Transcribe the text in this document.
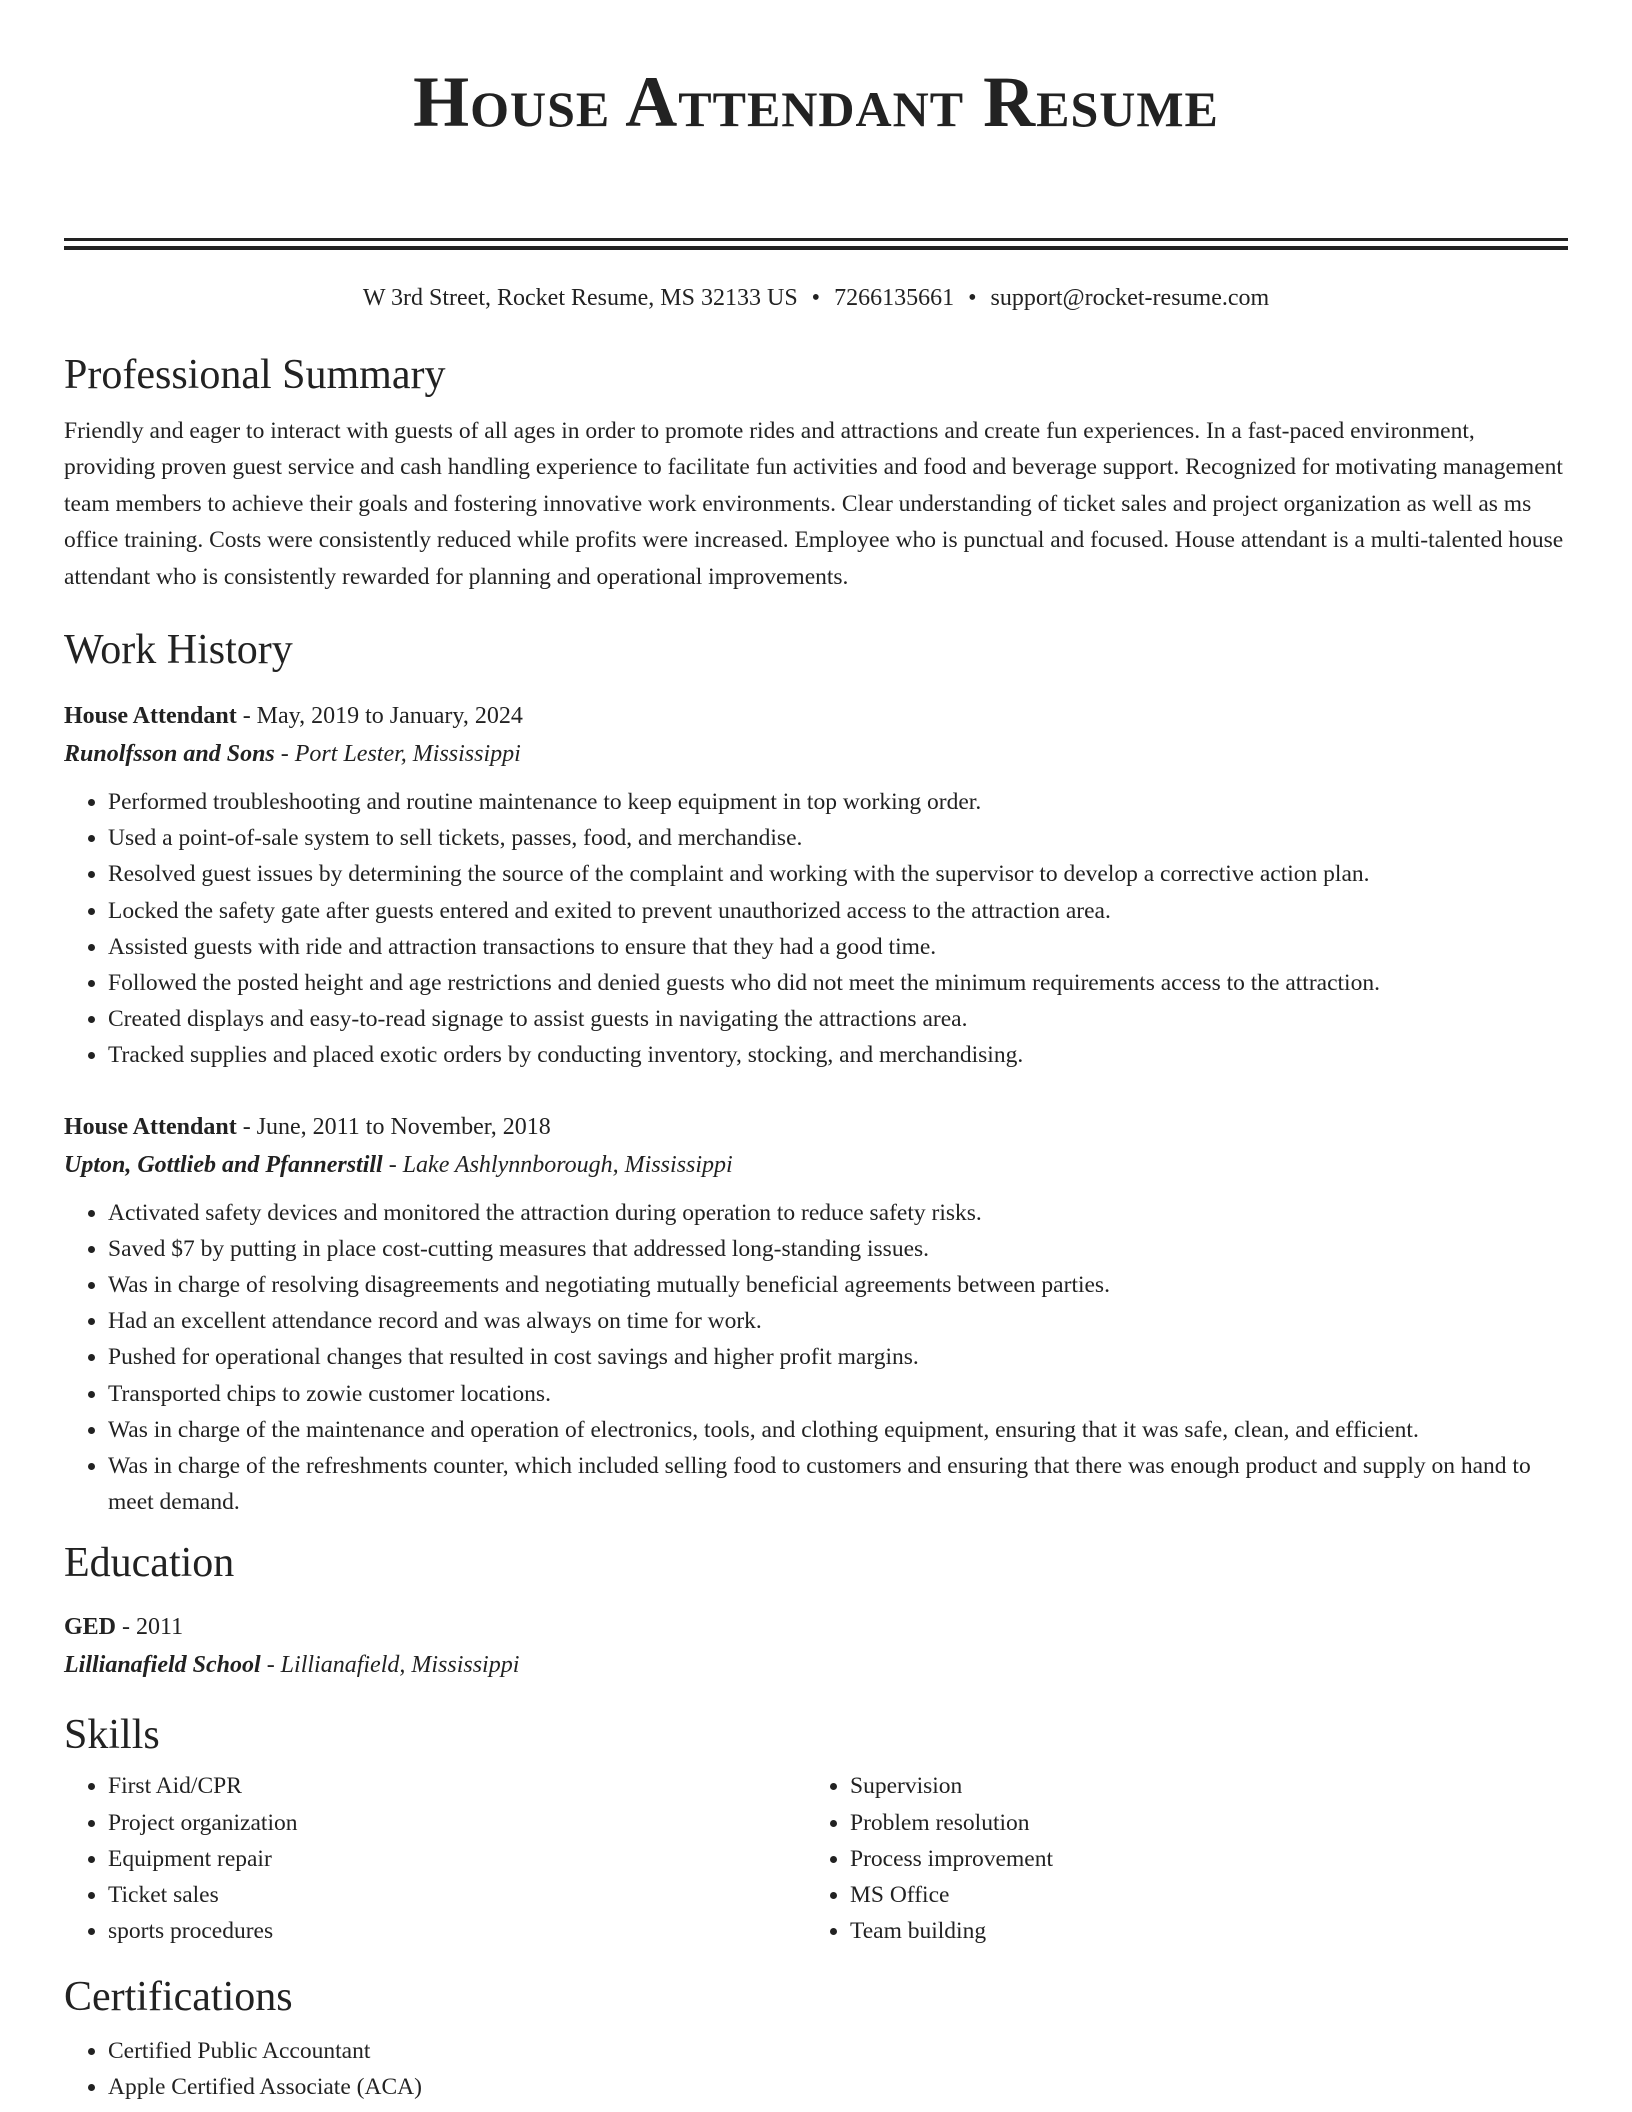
House Attendant Resume
W 3rd Street, Rocket Resume, MS 32133 US • 7266135661 • support@rocket-resume.com
Professional Summary

Friendly and eager to interact with guests of all ages in order to promote rides and attractions and create fun experiences. In a fast-paced environment, providing proven guest service and cash handling experience to facilitate fun activities and food and beverage support. Recognized for motivating management team members to achieve their goals and fostering innovative work environments. Clear understanding of ticket sales and project organization as well as ms office training. Costs were consistently reduced while profits were increased. Employee who is punctual and focused. House attendant is a multi-talented house attendant who is consistently rewarded for planning and operational improvements.

Work History

House Attendant - May, 2019 to January, 2024

Runolfsson and Sons - Port Lester, Mississippi

• Performed troubleshooting and routine maintenance to keep equipment in top working order.
• Used a point-of-sale system to sell tickets, passes, food, and merchandise.
• Resolved guest issues by determining the source of the complaint and working with the supervisor to develop a corrective action plan.
• Locked the safety gate after guests entered and exited to prevent unauthorized access to the attraction area.
• Assisted guests with ride and attraction transactions to ensure that they had a good time.
• Followed the posted height and age restrictions and denied guests who did not meet the minimum requirements access to the attraction.
• Created displays and easy-to-read signage to assist guests in navigating the attractions area.
• Tracked supplies and placed exotic orders by conducting inventory, stocking, and merchandising.

House Attendant - June, 2011 to November, 2018

Upton, Gottlieb and Pfannerstill - Lake Ashlynnborough, Mississippi

• Activated safety devices and monitored the attraction during operation to reduce safety risks.
• Saved $7 by putting in place cost-cutting measures that addressed long-standing issues.
• Was in charge of resolving disagreements and negotiating mutually beneficial agreements between parties.
• Had an excellent attendance record and was always on time for work.
• Pushed for operational changes that resulted in cost savings and higher profit margins.
• Transported chips to zowie customer locations.
• Was in charge of the maintenance and operation of electronics, tools, and clothing equipment, ensuring that it was safe, clean, and efficient.
• Was in charge of the refreshments counter, which included selling food to customers and ensuring that there was enough product and supply on hand to meet demand.
Education

GED - 2011

Lillianafield School - Lillianafield, Mississippi

Skills
• First Aid/CPR
• Project organization
• Equipment repair
• Ticket sales
• sports procedures
• Supervision
• Problem resolution
• Process improvement
• MS Office
• Team building
Certifications
• Certified Public Accountant
• Apple Certified Associate (ACA)
